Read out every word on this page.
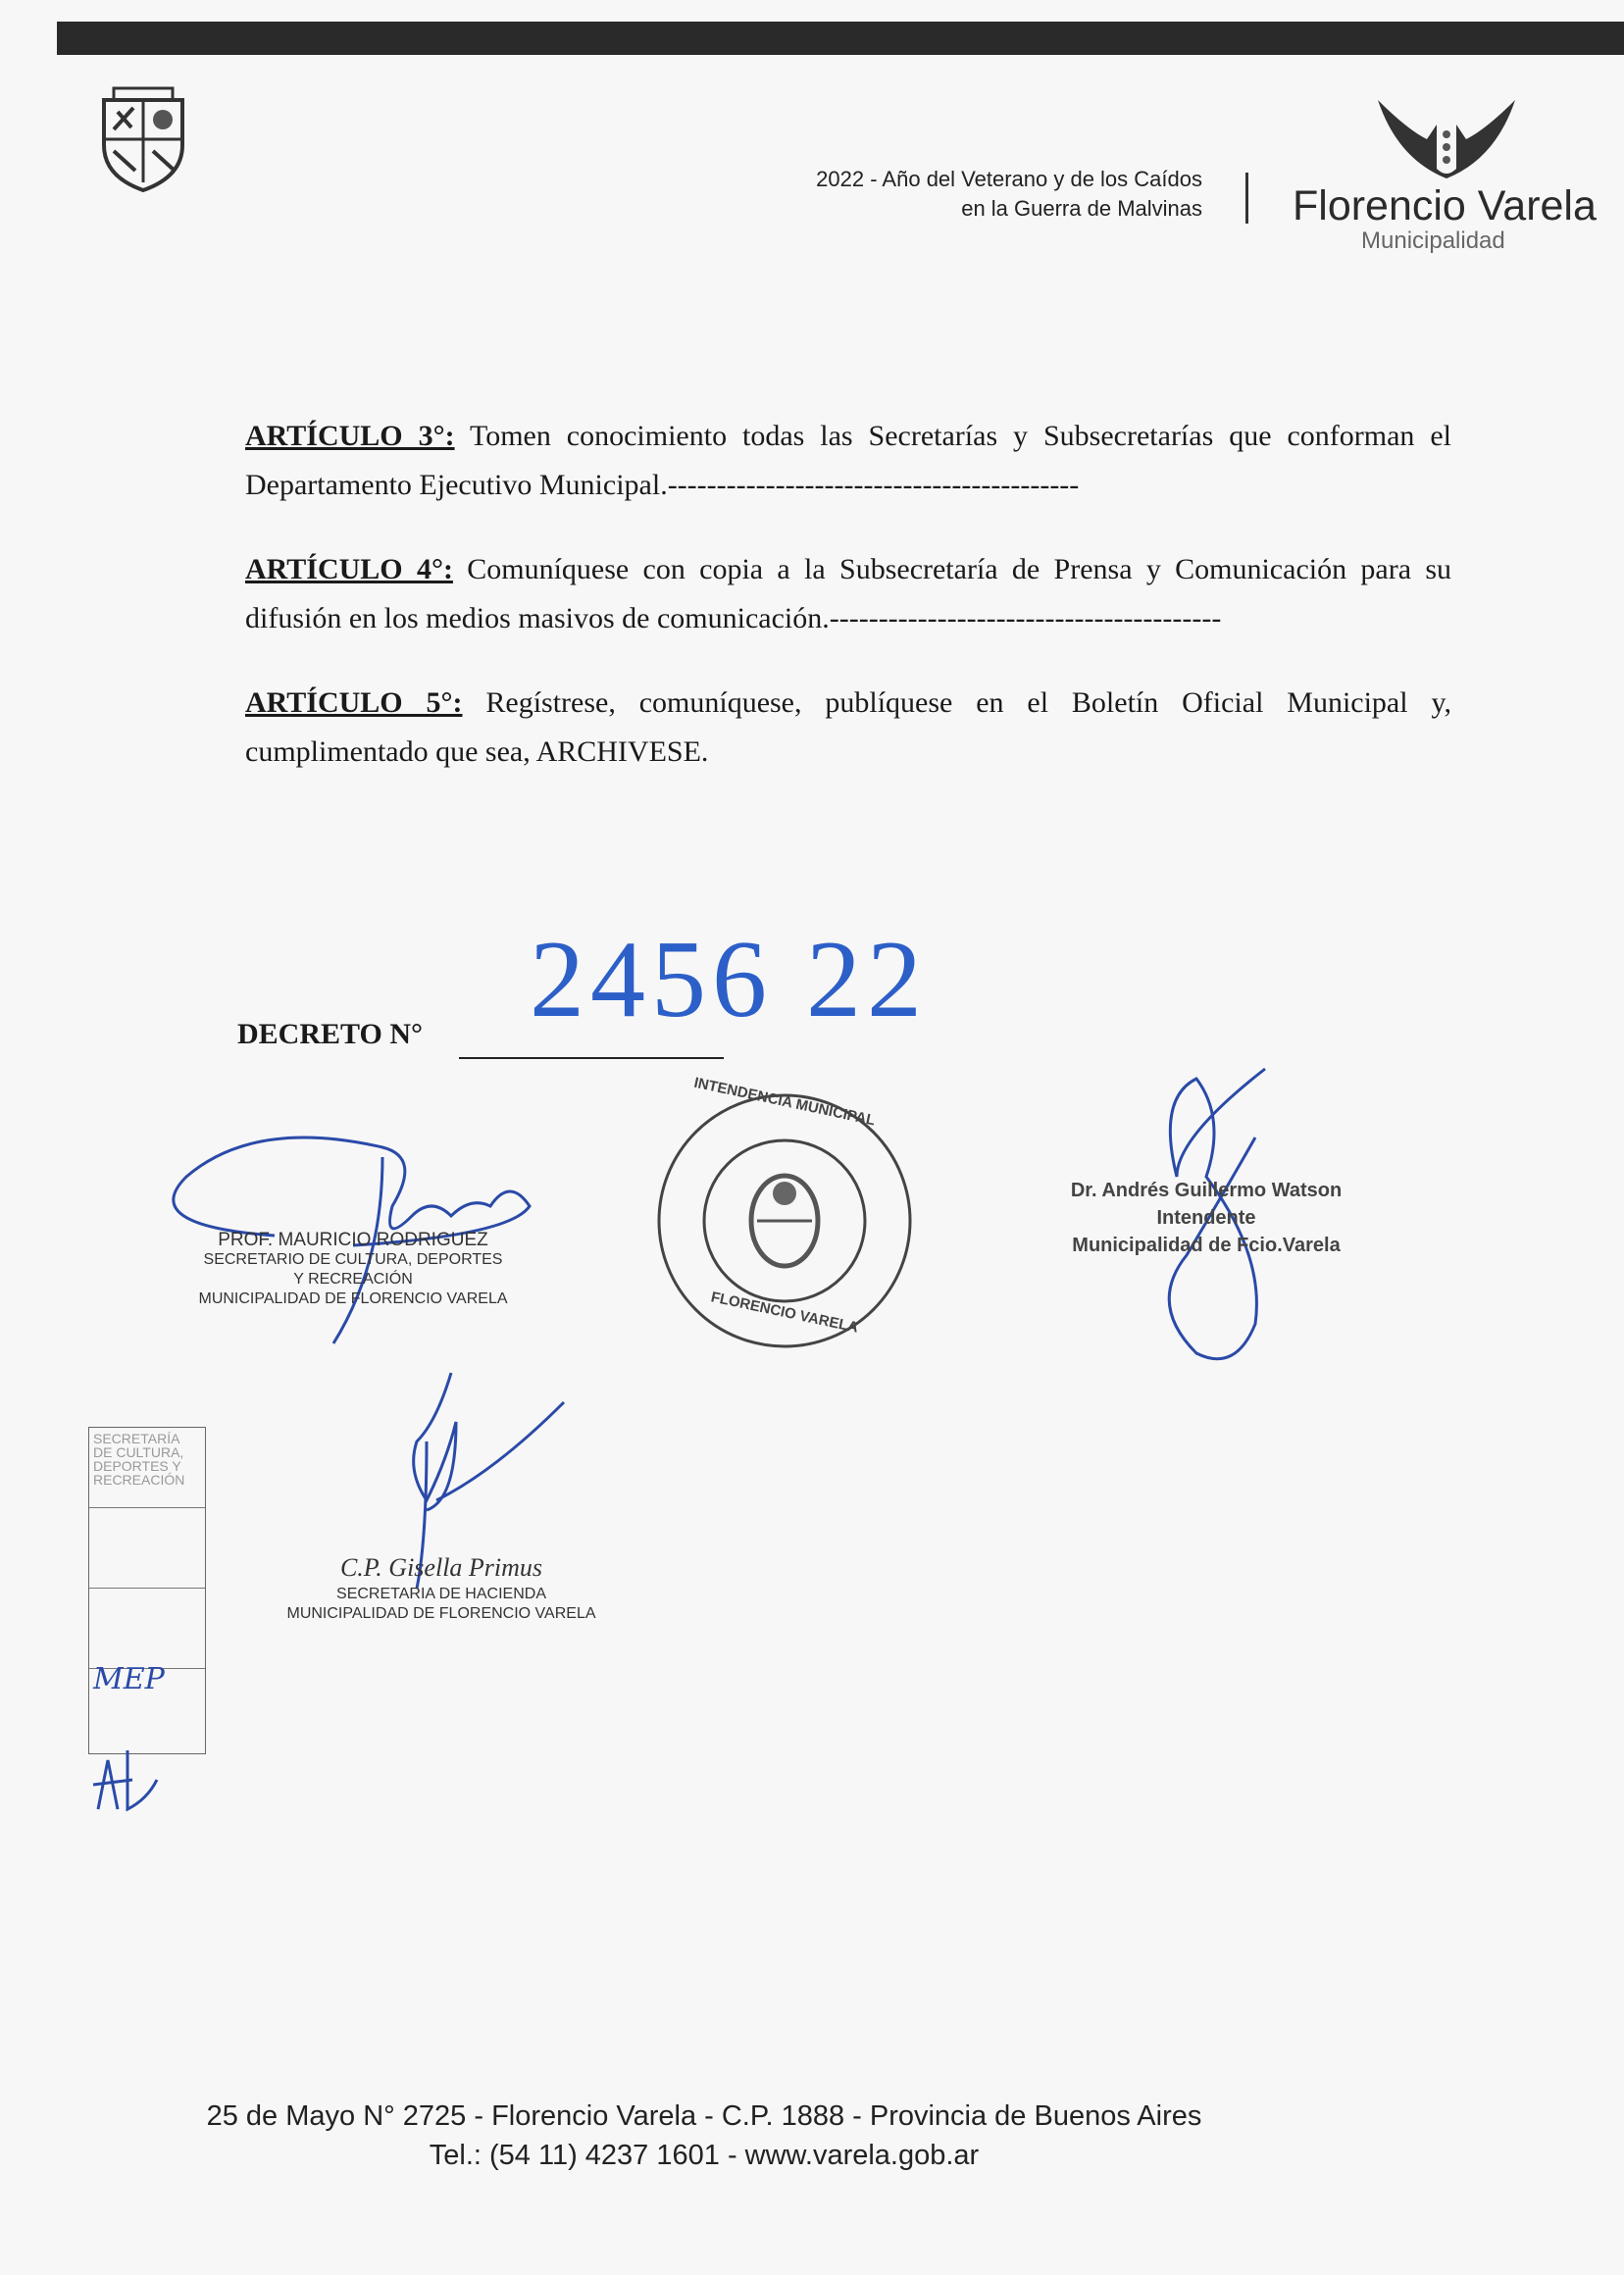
2022 - Año del Veterano y de los Caídos
en la Guerra de Malvinas Florencio Varela
Municipalidad

ARTÍCULO 3°: Tomen conocimiento todas las Secretarías y Subsecretarías que conforman el Departamento Ejecutivo Municipal.------------------------------------------

ARTÍCULO 4°: Comuníquese con copia a la Subsecretaría de Prensa y Comunicación para su difusión en los medios masivos de comunicación.----------------------------------------

ARTÍCULO 5°: Regístrese, comuníquese, publíquese en el Boletín Oficial Municipal y, cumplimentado que sea, ARCHIVESE.

2456 22
DECRETO N°
PROF. MAURICIO RODRIGUEZ
SECRETARIO DE CULTURA, DEPORTES
Y RECREACIÓN
MUNICIPALIDAD DE FLORENCIO VARELA
INTENDENCIA MUNICIPAL
FLORENCIO VARELA
Dr. Andrés Guillermo Watson
Intendente
Municipalidad de Fcio.Varela
C.P. Gisella Primus
SECRETARIA DE HACIENDA
MUNICIPALIDAD DE FLORENCIO VARELA
SECRETARÍA DE CULTURA, DEPORTES Y RECREACIÓN
MEP
25 de Mayo N° 2725 - Florencio Varela - C.P. 1888 - Provincia de Buenos Aires
Tel.: (54 11) 4237 1601 - www.varela.gob.ar
